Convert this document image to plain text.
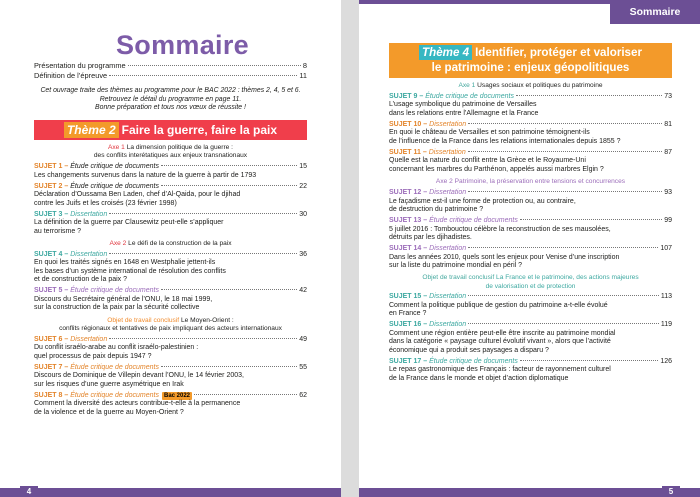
Sommaire
Présentation du programme	8
Définition de l’épreuve	11
Cet ouvrage traite des thèmes au programme pour le BAC 2022 : thèmes 2, 4, 5 et 6.
Retrouvez le détail du programme en page 11.
Bonne préparation et tous nos vœux de réussite !
Thème 2 Faire la guerre, faire la paix
Axe 1 La dimension politique de la guerre :
des conflits interétatiques aux enjeux transnationaux
SUJET 1 – Étude critique de documents	15
Les changements survenus dans la nature de la guerre à partir de 1793
SUJET 2 – Étude critique de documents	22
Déclaration d’Oussama Ben Laden, chef d’Al-Qaida, pour le djihad
contre les Juifs et les croisés (23 février 1998)
SUJET 3 – Dissertation	30
La définition de la guerre par Clausewitz peut-elle s’appliquer
au terrorisme ?
Axe 2 Le défi de la construction de la paix
SUJET 4 – Dissertation	36
En quoi les traités signés en 1648 en Westphalie jettent-ils
les bases d’un système international de résolution des conflits
et de construction de la paix ?
SUJET 5 – Étude critique de documents	42
Discours du Secrétaire général de l’ONU, le 18 mai 1999,
sur la construction de la paix par la sécurité collective
Objet de travail conclusif Le Moyen-Orient :
conflits régionaux et tentatives de paix impliquant des acteurs internationaux
SUJET 6 – Dissertation	49
Du conflit israélo-arabe au conflit israélo-palestinien :
quel processus de paix depuis 1947 ?
SUJET 7 – Étude critique de documents	55
Discours de Dominique de Villepin devant l’ONU, le 14 février 2003,
sur les risques d’une guerre asymétrique en Irak
SUJET 8 – Étude critique de documents Bac 2022	62
Comment la diversité des acteurs contribue-t-elle à la permanence
de la violence et de la guerre au Moyen-Orient ?
4
Sommaire
Thème 4 Identifier, protéger et valoriser
le patrimoine : enjeux géopolitiques
Axe 1 Usages sociaux et politiques du patrimoine
SUJET 9 – Étude critique de documents	73
L’usage symbolique du patrimoine de Versailles
dans les relations entre l’Allemagne et la France
SUJET 10 – Dissertation	81
En quoi le château de Versailles et son patrimoine témoignent-ils
de l’influence de la France dans les relations internationales depuis 1855 ?
SUJET 11 – Dissertation	87
Quelle est la nature du conflit entre la Grèce et le Royaume-Uni
concernant les marbres du Parthénon, appelés aussi marbres Elgin ?
Axe 2 Patrimoine, la préservation entre tensions et concurrences
SUJET 12 – Dissertation	93
Le façadisme est-il une forme de protection ou, au contraire,
de destruction du patrimoine ?
SUJET 13 – Étude critique de documents	99
5 juillet 2016 : Tombouctou célèbre la reconstruction de ses mausolées,
détruits par les djihadistes.
SUJET 14 – Dissertation	107
Dans les années 2010, quels sont les enjeux pour Venise d’une inscription
sur la liste du patrimoine mondial en péril ?
Objet de travail conclusif La France et le patrimoine, des actions majeures
de valorisation et de protection
SUJET 15 – Dissertation	113
Comment la politique publique de gestion du patrimoine a-t-elle évolué
en France ?
SUJET 16 – Dissertation	119
Comment une région entière peut-elle être inscrite au patrimoine mondial
dans la catégorie « paysage culturel évolutif vivant », alors que l’activité
économique qui a produit ses paysages a disparu ?
SUJET 17 – Étude critique de documents	126
Le repas gastronomique des Français : facteur de rayonnement culturel
de la France dans le monde et objet d’action diplomatique
5
